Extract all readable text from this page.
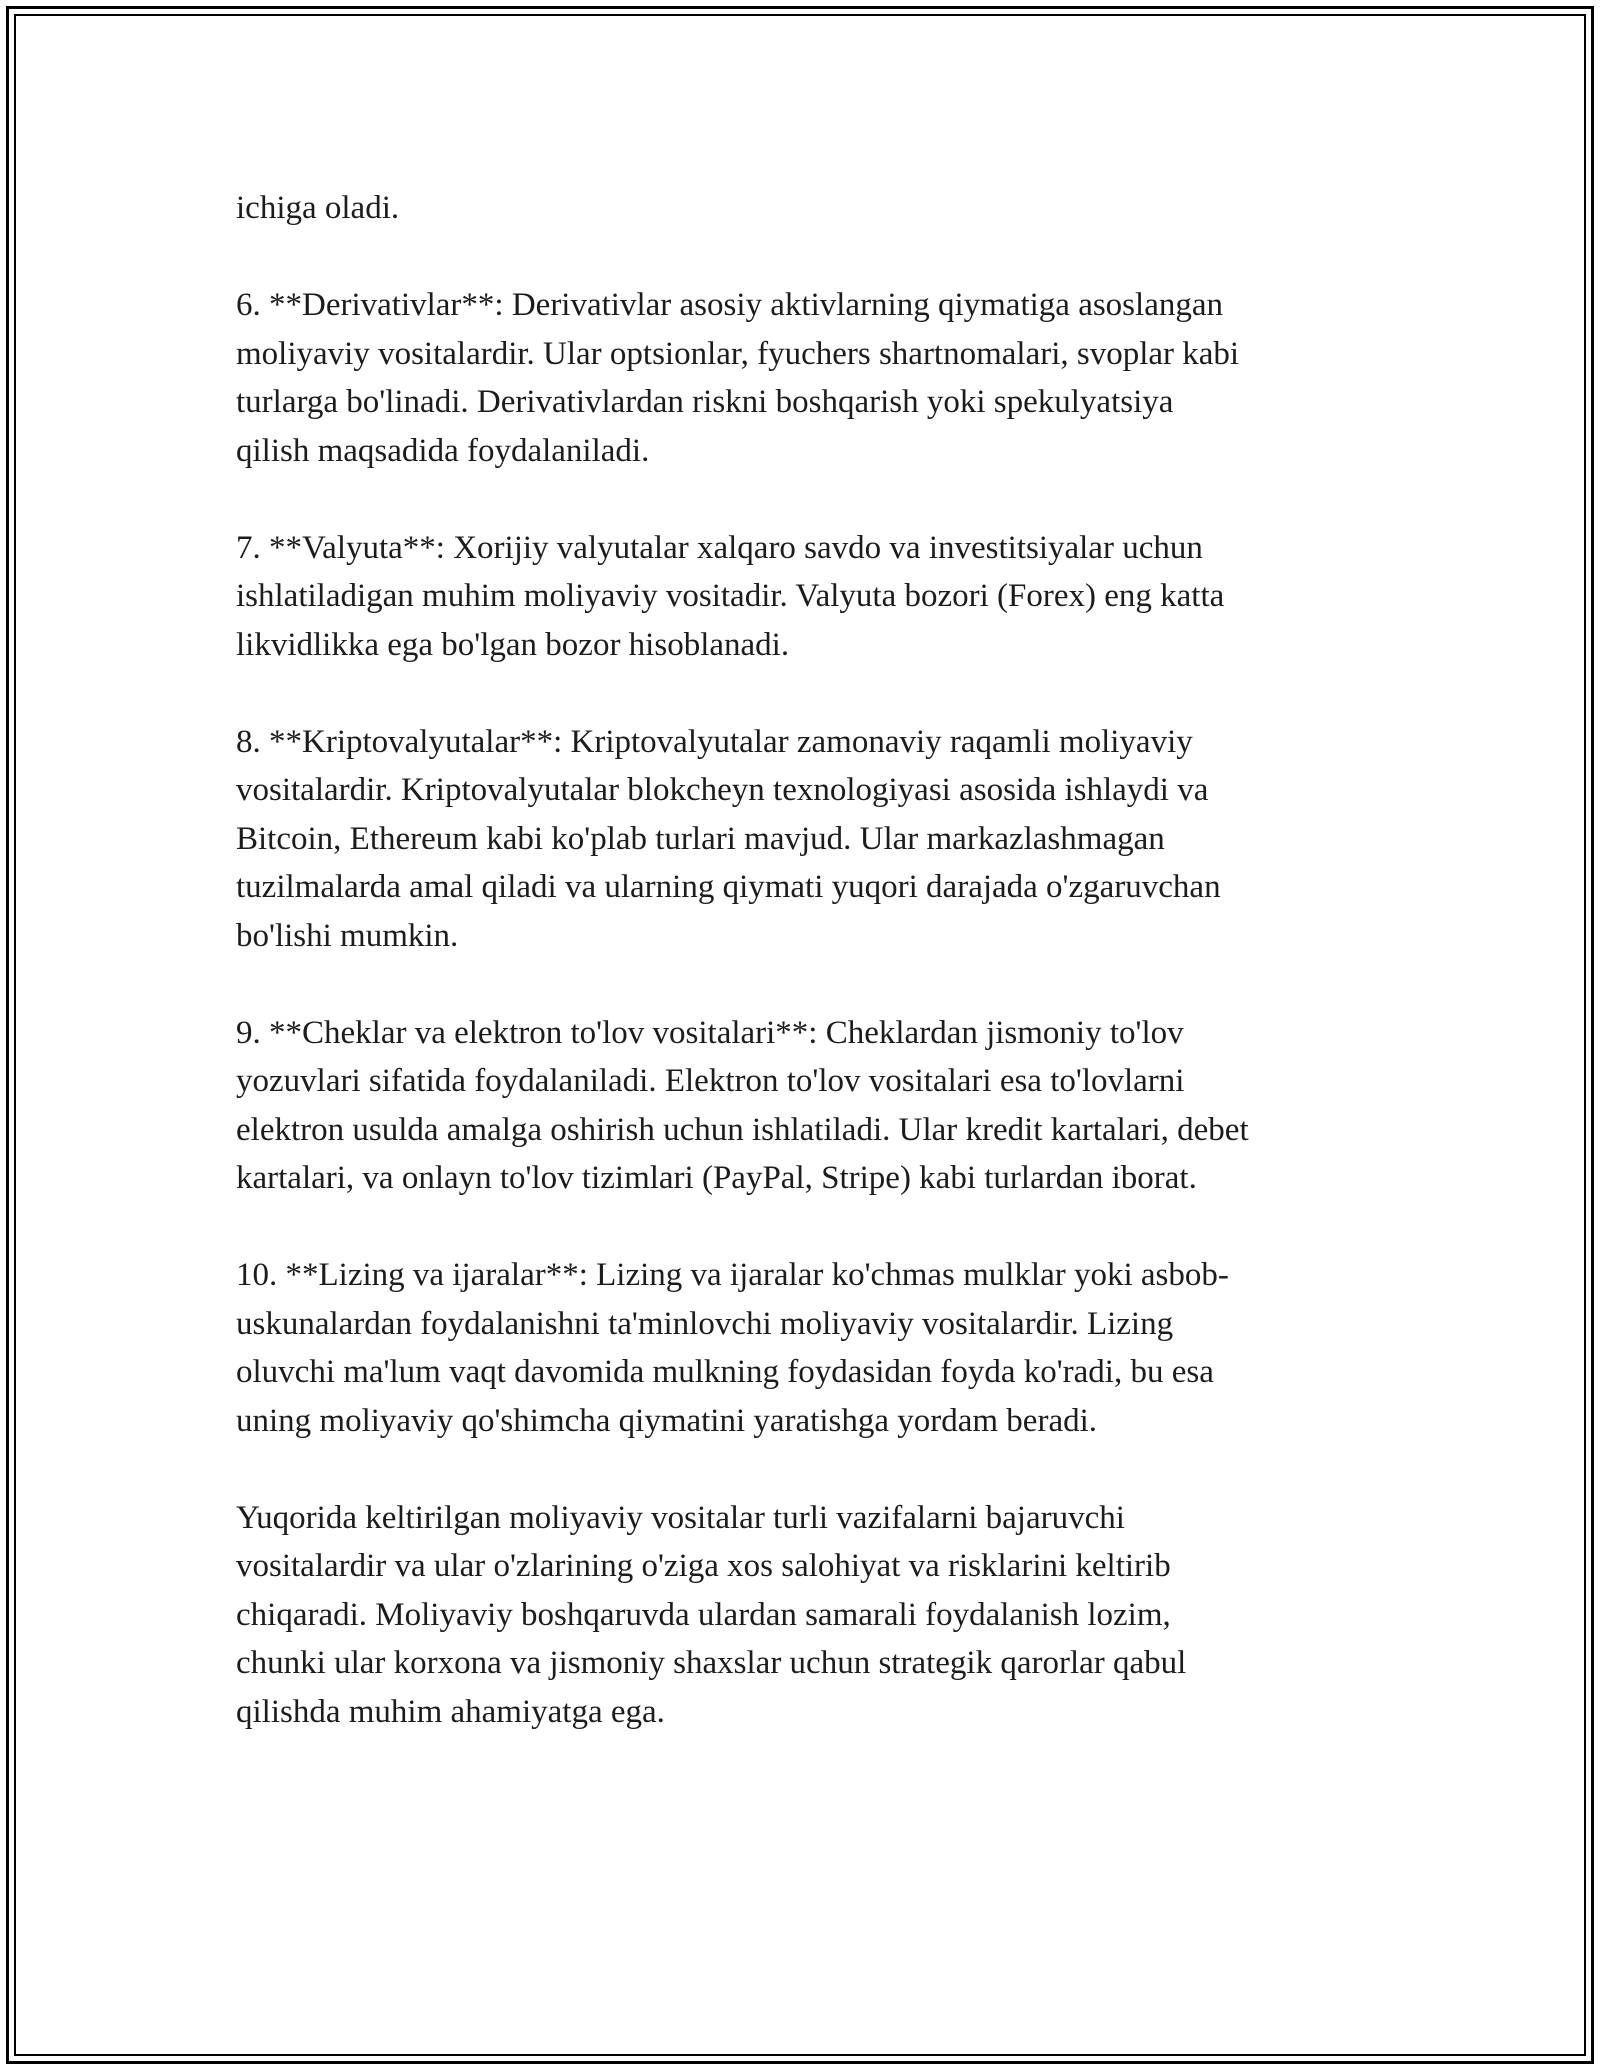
ichiga oladi.

6. **Derivativlar**: Derivativlar asosiy aktivlarning qiymatiga asoslangan
moliyaviy vositalardir. Ular optsionlar, fyuchers shartnomalari, svoplar kabi
turlarga bo'linadi. Derivativlardan riskni boshqarish yoki spekulyatsiya
qilish maqsadida foydalaniladi.

7. **Valyuta**: Xorijiy valyutalar xalqaro savdo va investitsiyalar uchun
ishlatiladigan muhim moliyaviy vositadir. Valyuta bozori (Forex) eng katta
likvidlikka ega bo'lgan bozor hisoblanadi.

8. **Kriptovalyutalar**: Kriptovalyutalar zamonaviy raqamli moliyaviy
vositalardir. Kriptovalyutalar blokcheyn texnologiyasi asosida ishlaydi va
Bitcoin, Ethereum kabi ko'plab turlari mavjud. Ular markazlashmagan
tuzilmalarda amal qiladi va ularning qiymati yuqori darajada o'zgaruvchan
bo'lishi mumkin.

9. **Cheklar va elektron to'lov vositalari**: Cheklardan jismoniy to'lov
yozuvlari sifatida foydalaniladi. Elektron to'lov vositalari esa to'lovlarni
elektron usulda amalga oshirish uchun ishlatiladi. Ular kredit kartalari, debet
kartalari, va onlayn to'lov tizimlari (PayPal, Stripe) kabi turlardan iborat.

10. **Lizing va ijaralar**: Lizing va ijaralar ko'chmas mulklar yoki asbob-
uskunalardan foydalanishni ta'minlovchi moliyaviy vositalardir. Lizing
oluvchi ma'lum vaqt davomida mulkning foydasidan foyda ko'radi, bu esa
uning moliyaviy qo'shimcha qiymatini yaratishga yordam beradi.

Yuqorida keltirilgan moliyaviy vositalar turli vazifalarni bajaruvchi
vositalardir va ular o'zlarining o'ziga xos salohiyat va risklarini keltirib
chiqaradi. Moliyaviy boshqaruvda ulardan samarali foydalanish lozim,
chunki ular korxona va jismoniy shaxslar uchun strategik qarorlar qabul
qilishda muhim ahamiyatga ega.
